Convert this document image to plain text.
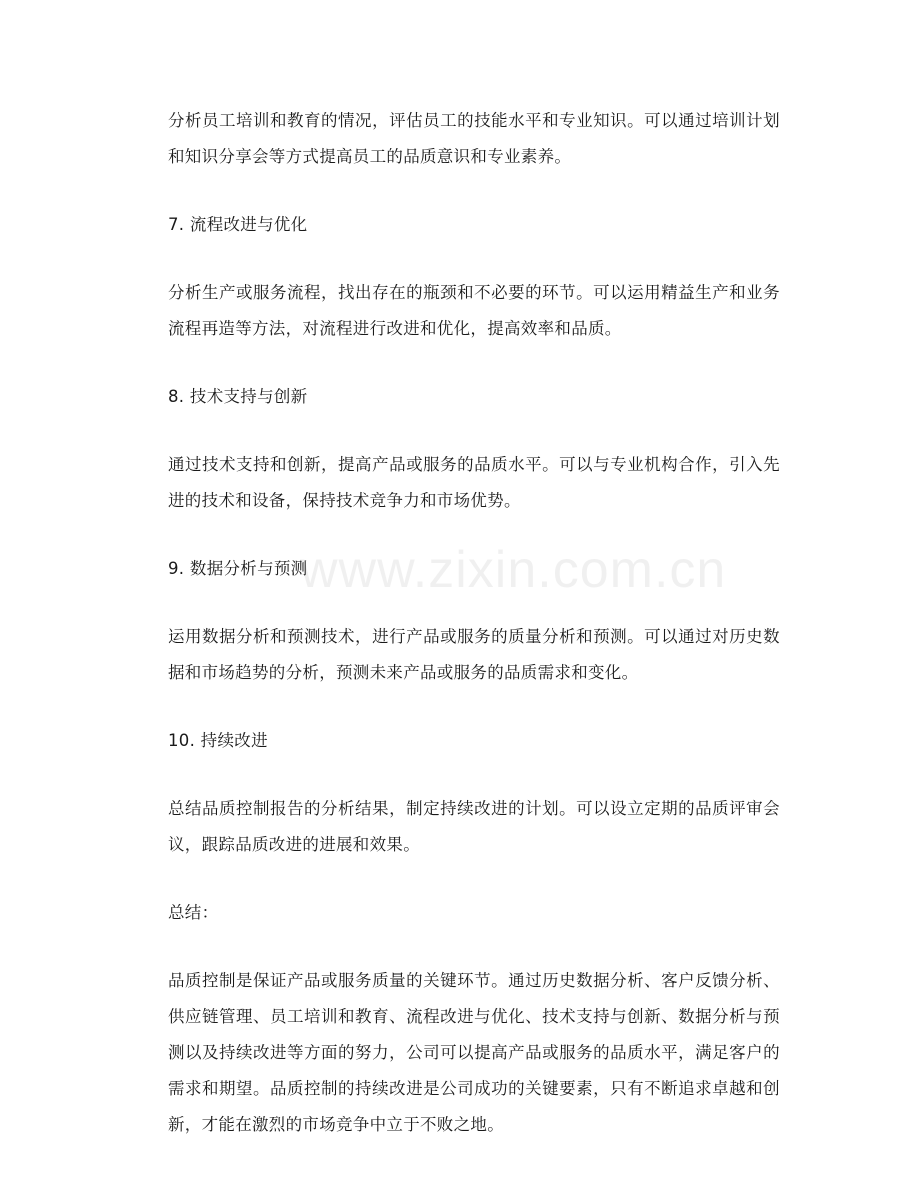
分析员工培训和教育的情况，评估员工的技能水平和专业知识。可以通过培训计划和知识分享会等方式提高员工的品质意识和专业素养。

7. 流程改进与优化

分析生产或服务流程，找出存在的瓶颈和不必要的环节。可以运用精益生产和业务流程再造等方法，对流程进行改进和优化，提高效率和品质。

8. 技术支持与创新

通过技术支持和创新，提高产品或服务的品质水平。可以与专业机构合作，引入先进的技术和设备，保持技术竞争力和市场优势。

9. 数据分析与预测

运用数据分析和预测技术，进行产品或服务的质量分析和预测。可以通过对历史数据和市场趋势的分析，预测未来产品或服务的品质需求和变化。

10. 持续改进

总结品质控制报告的分析结果，制定持续改进的计划。可以设立定期的品质评审会议，跟踪品质改进的进展和效果。

总结：

品质控制是保证产品或服务质量的关键环节。通过历史数据分析、客户反馈分析、供应链管理、员工培训和教育、流程改进与优化、技术支持与创新、数据分析与预测以及持续改进等方面的努力，公司可以提高产品或服务的品质水平，满足客户的需求和期望。品质控制的持续改进是公司成功的关键要素，只有不断追求卓越和创新，才能在激烈的市场竞争中立于不败之地。

www.zixin.com.cn
